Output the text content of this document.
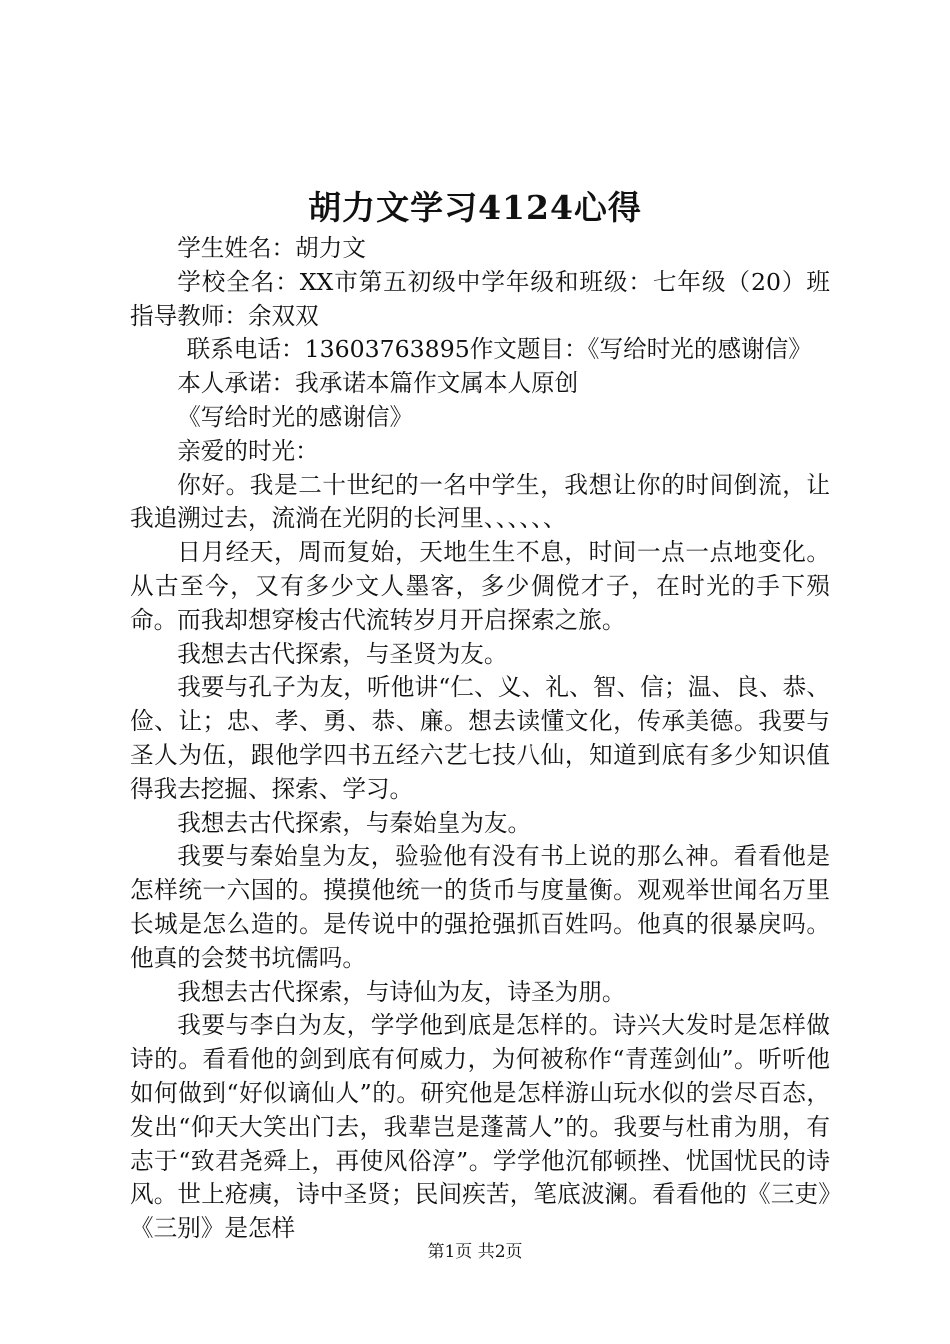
胡力文学习4124心得

学生姓名：胡力文

学校全名：XX市第五初级中学年级和班级：七年级（20）班指导教师：余双双

联系电话：13603763895作文题目：《写给时光的感谢信》

本人承诺：我承诺本篇作文属本人原创

《写给时光的感谢信》

亲爱的时光：

你好。我是二十世纪的一名中学生，我想让你的时间倒流，让我追溯过去，流淌在光阴的长河里、、、、、、

日月经天，周而复始，天地生生不息，时间一点一点地变化。从古至今，又有多少文人墨客，多少倜傥才子，在时光的手下殒命。而我却想穿梭古代流转岁月开启探索之旅。

我想去古代探索，与圣贤为友。

我要与孔子为友，听他讲“仁、义、礼、智、信；温、良、恭、俭、让；忠、孝、勇、恭、廉。想去读懂文化，传承美德。我要与圣人为伍，跟他学四书五经六艺七技八仙，知道到底有多少知识值得我去挖掘、探索、学习。

我想去古代探索，与秦始皇为友。

我要与秦始皇为友，验验他有没有书上说的那么神。看看他是怎样统一六国的。摸摸他统一的货币与度量衡。观观举世闻名万里长城是怎么造的。是传说中的强抢强抓百姓吗。他真的很暴戾吗。他真的会焚书坑儒吗。

我想去古代探索，与诗仙为友，诗圣为朋。

我要与李白为友，学学他到底是怎样的。诗兴大发时是怎样做诗的。看看他的剑到底有何威力，为何被称作“青莲剑仙”。听听他如何做到“好似谪仙人”的。研究他是怎样游山玩水似的尝尽百态，发出“仰天大笑出门去，我辈岂是蓬蒿人”的。我要与杜甫为朋，有志于“致君尧舜上，再使风俗淳”。学学他沉郁顿挫、忧国忧民的诗风。世上疮痍，诗中圣贤；民间疾苦，笔底波澜。看看他的《三吏》《三别》是怎样

第1页 共2页
